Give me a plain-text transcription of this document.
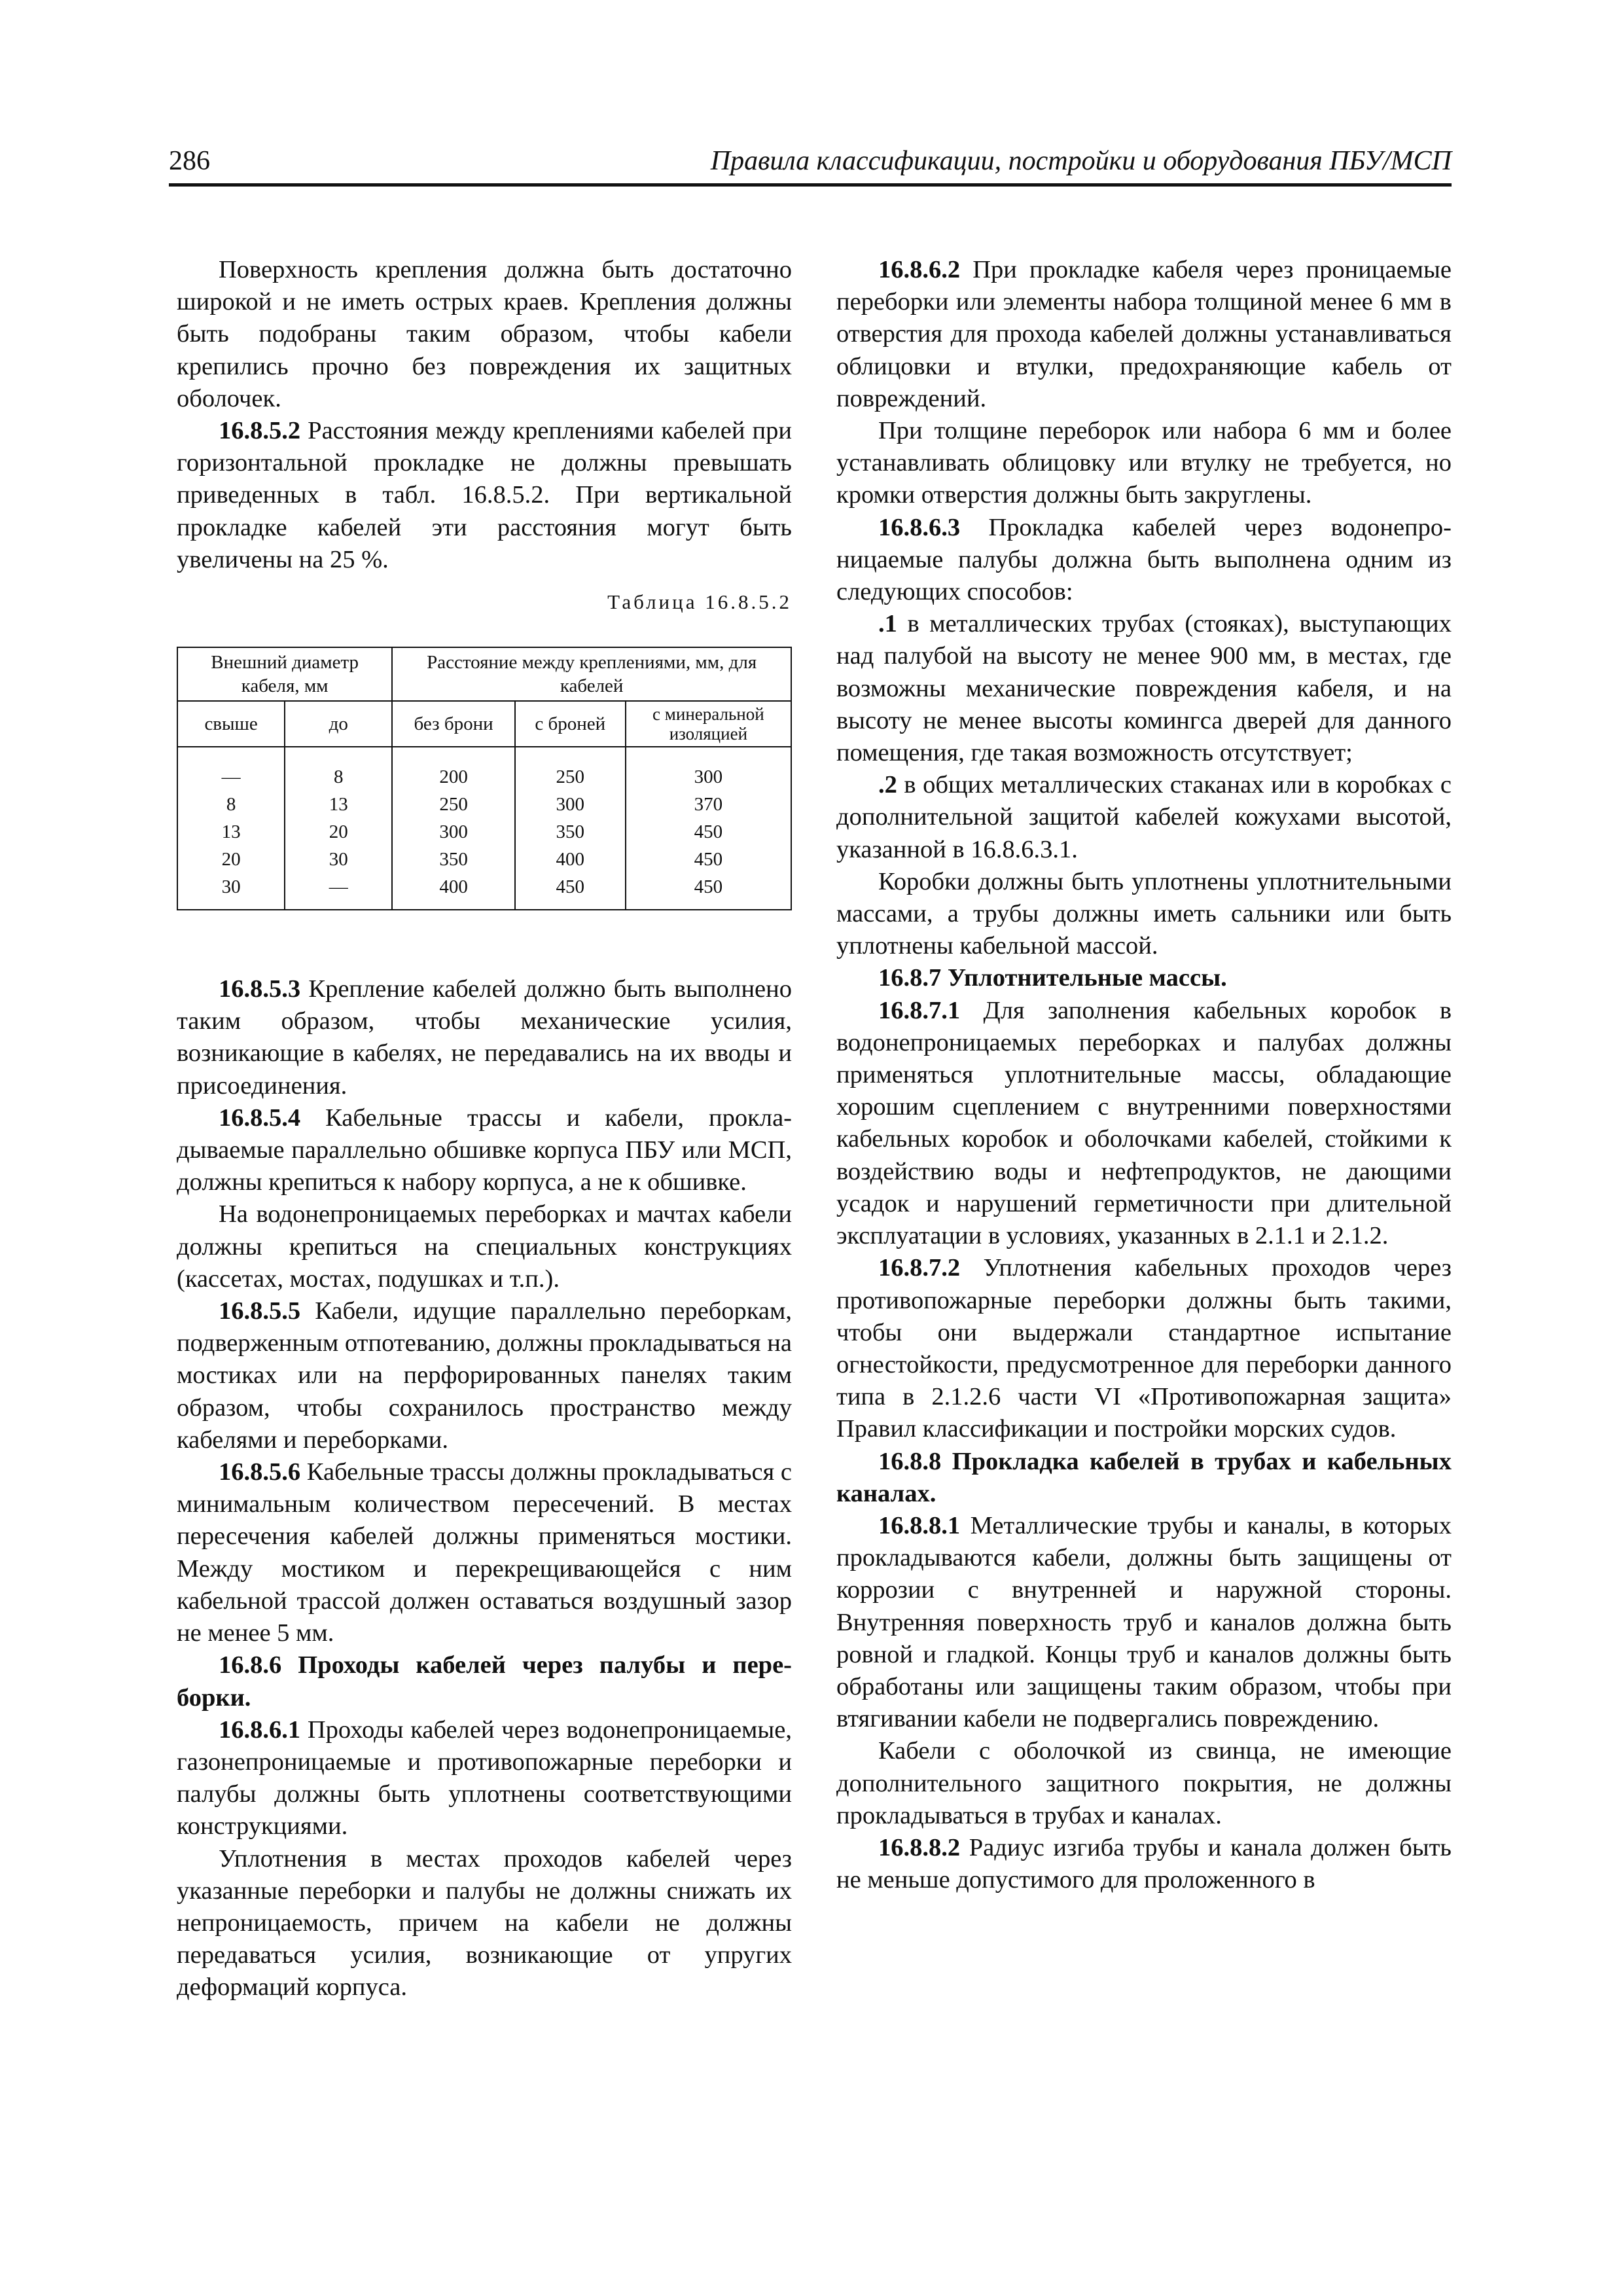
286	Правила классификации, постройки и оборудования ПБУ/МСП

Поверхность крепления должна быть достаточно широкой и не иметь острых краев. Крепления должны быть подобраны таким образом, чтобы кабели крепились прочно без повреждения их защитных оболочек.

16.8.5.2 Расстояния между креплениями кабелей при горизонтальной прокладке не должны превышать приведенных в табл. 16.8.5.2. При вертикальной прокладке кабелей эти расстояния могут быть увеличены на 25 %.

Таблица 16.8.5.2
Внешний диаметр кабеля, мм		Расстояние между креплениями, мм, для кабелей		
свыше	до	без брони	с броней	с минеральной изоляцией

—	8	200	250	300
8	13	250	300	370
13	20	300	350	450
20	30	350	400	450
30	—	400	450	450

16.8.5.3 Крепление кабелей должно быть выполнено таким образом, чтобы механические усилия, возникающие в кабелях, не передавались на их вводы и присоединения.

16.8.5.4 Кабельные трассы и кабели, прокладываемые параллельно обшивке корпуса ПБУ или МСП, должны крепиться к набору корпуса, а не к обшивке.

На водонепроницаемых переборках и мачтах кабели должны крепиться на специальных конструкциях (кассетах, мостах, подушках и т.п.).

16.8.5.5 Кабели, идущие параллельно переборкам, подверженным отпотеванию, должны прокладываться на мостиках или на перфорированных панелях таким образом, чтобы сохранилось пространство между кабелями и переборками.

16.8.5.6 Кабельные трассы должны прокладываться с минимальным количеством пересечений. В местах пересечения кабелей должны применяться мостики. Между мостиком и перекрещивающейся с ним кабельной трассой должен оставаться воздушный зазор не менее 5 мм.

16.8.6 Проходы кабелей через палубы и переборки.

16.8.6.1 Проходы кабелей через водонепроницаемые, газонепроницаемые и противопожарные переборки и палубы должны быть уплотнены соответствующими конструкциями.

Уплотнения в местах проходов кабелей через указанные переборки и палубы не должны снижать их непроницаемость, причем на кабели не должны передаваться усилия, возникающие от упругих деформаций корпуса.

16.8.6.2 При прокладке кабеля через проницаемые переборки или элементы набора толщиной менее 6 мм в отверстия для прохода кабелей должны устанавливаться облицовки и втулки, предохраняющие кабель от повреждений.

При толщине переборок или набора 6 мм и более устанавливать облицовку или втулку не требуется, но кромки отверстия должны быть закруглены.

16.8.6.3 Прокладка кабелей через водонепроницаемые палубы должна быть выполнена одним из следующих способов:

.1 в металлических трубах (стояках), выступающих над палубой на высоту не менее 900 мм, в местах, где возможны механические повреждения кабеля, и на высоту не менее высоты комингса дверей для данного помещения, где такая возможность отсутствует;

.2 в общих металлических стаканах или в коробках с дополнительной защитой кабелей кожухами высотой, указанной в 16.8.6.3.1.

Коробки должны быть уплотнены уплотнительными массами, а трубы должны иметь сальники или быть уплотнены кабельной массой.

16.8.7 Уплотнительные массы.

16.8.7.1 Для заполнения кабельных коробок в водонепроницаемых переборках и палубах должны применяться уплотнительные массы, обладающие хорошим сцеплением с внутренними поверхностями кабельных коробок и оболочками кабелей, стойкими к воздействию воды и нефтепродуктов, не дающими усадок и нарушений герметичности при длительной эксплуатации в условиях, указанных в 2.1.1 и 2.1.2.

16.8.7.2 Уплотнения кабельных проходов через противопожарные переборки должны быть такими, чтобы они выдержали стандартное испытание огнестойкости, предусмотренное для переборки данного типа в 2.1.2.6 части VI «Противопожарная защита» Правил классификации и постройки морских судов.

16.8.8 Прокладка кабелей в трубах и кабельных каналах.

16.8.8.1 Металлические трубы и каналы, в которых прокладываются кабели, должны быть защищены от коррозии с внутренней и наружной стороны. Внутренняя поверхность труб и каналов должна быть ровной и гладкой. Концы труб и каналов должны быть обработаны или защищены таким образом, чтобы при втягивании кабели не подвергались повреждению.

Кабели с оболочкой из свинца, не имеющие дополнительного защитного покрытия, не должны прокладываться в трубах и каналах.

16.8.8.2 Радиус изгиба трубы и канала должен быть не меньше допустимого для проложенного в
